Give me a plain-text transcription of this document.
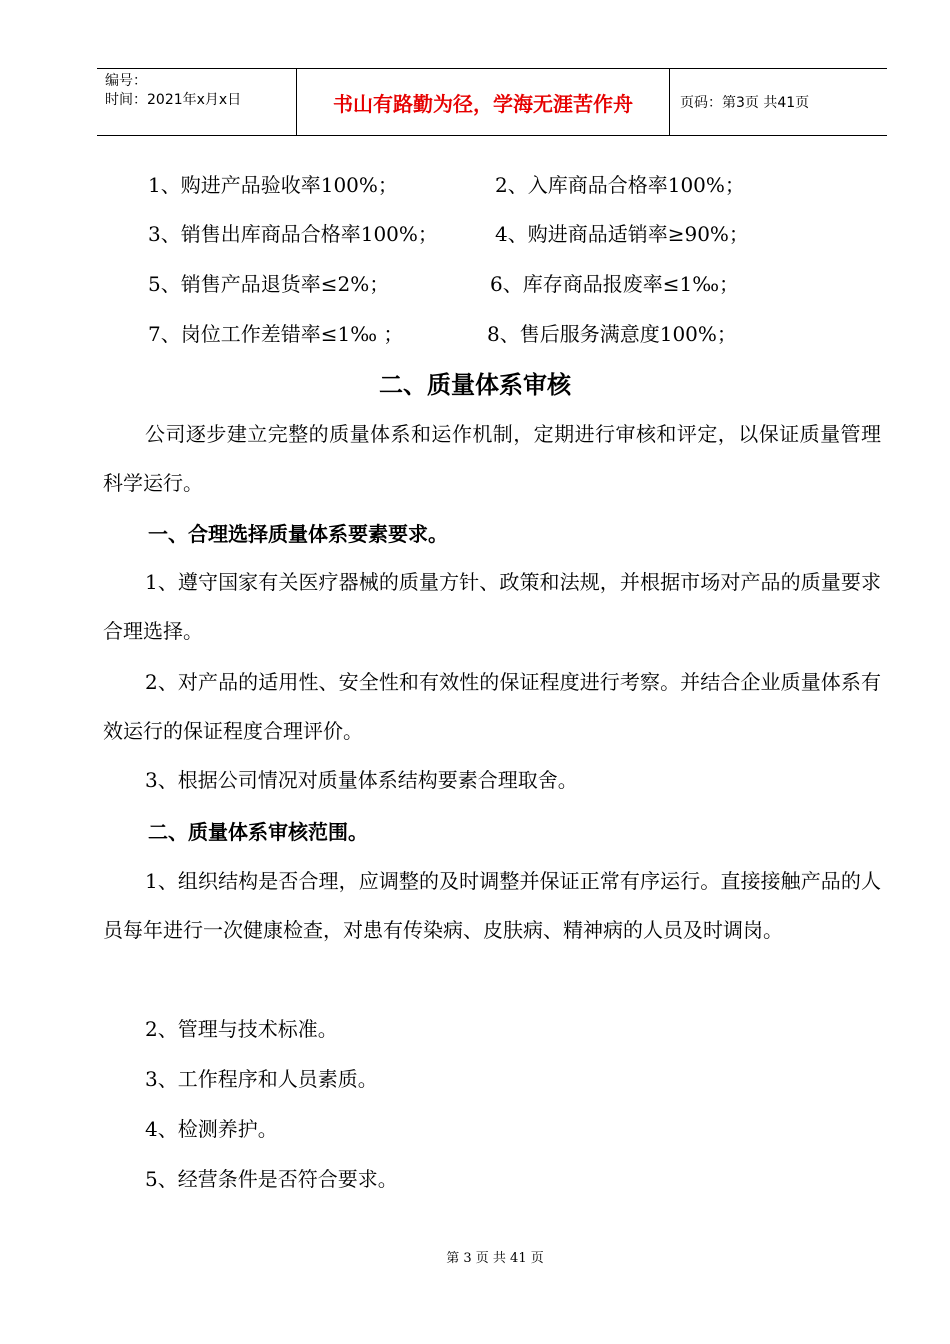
编号：
时间：2021年x月x日	书山有路勤为径，学海无涯苦作舟	页码：第3页 共41页
1、购进产品验收率100%；	2、入库商品合格率100%；
3、销售出库商品合格率100%；	4、购进商品适销率≥90%；
5、销售产品退货率≤2%；	6、库存商品报废率≤1‰；
7、岗位工作差错率≤1‰ ；	8、售后服务满意度100%；
二、质量体系审核
公司逐步建立完整的质量体系和运作机制，定期进行审核和评定，以保证质量管理科学运行。
一、合理选择质量体系要素要求。
1、遵守国家有关医疗器械的质量方针、政策和法规，并根据市场对产品的质量要求合理选择。
2、对产品的适用性、安全性和有效性的保证程度进行考察。并结合企业质量体系有效运行的保证程度合理评价。
3、根据公司情况对质量体系结构要素合理取舍。
二、质量体系审核范围。
1、组织结构是否合理，应调整的及时调整并保证正常有序运行。直接接触产品的人员每年进行一次健康检查，对患有传染病、皮肤病、精神病的人员及时调岗。
2、管理与技术标准。
3、工作程序和人员素质。
4、检测养护。
5、经营条件是否符合要求。
第 3 页 共 41 页
